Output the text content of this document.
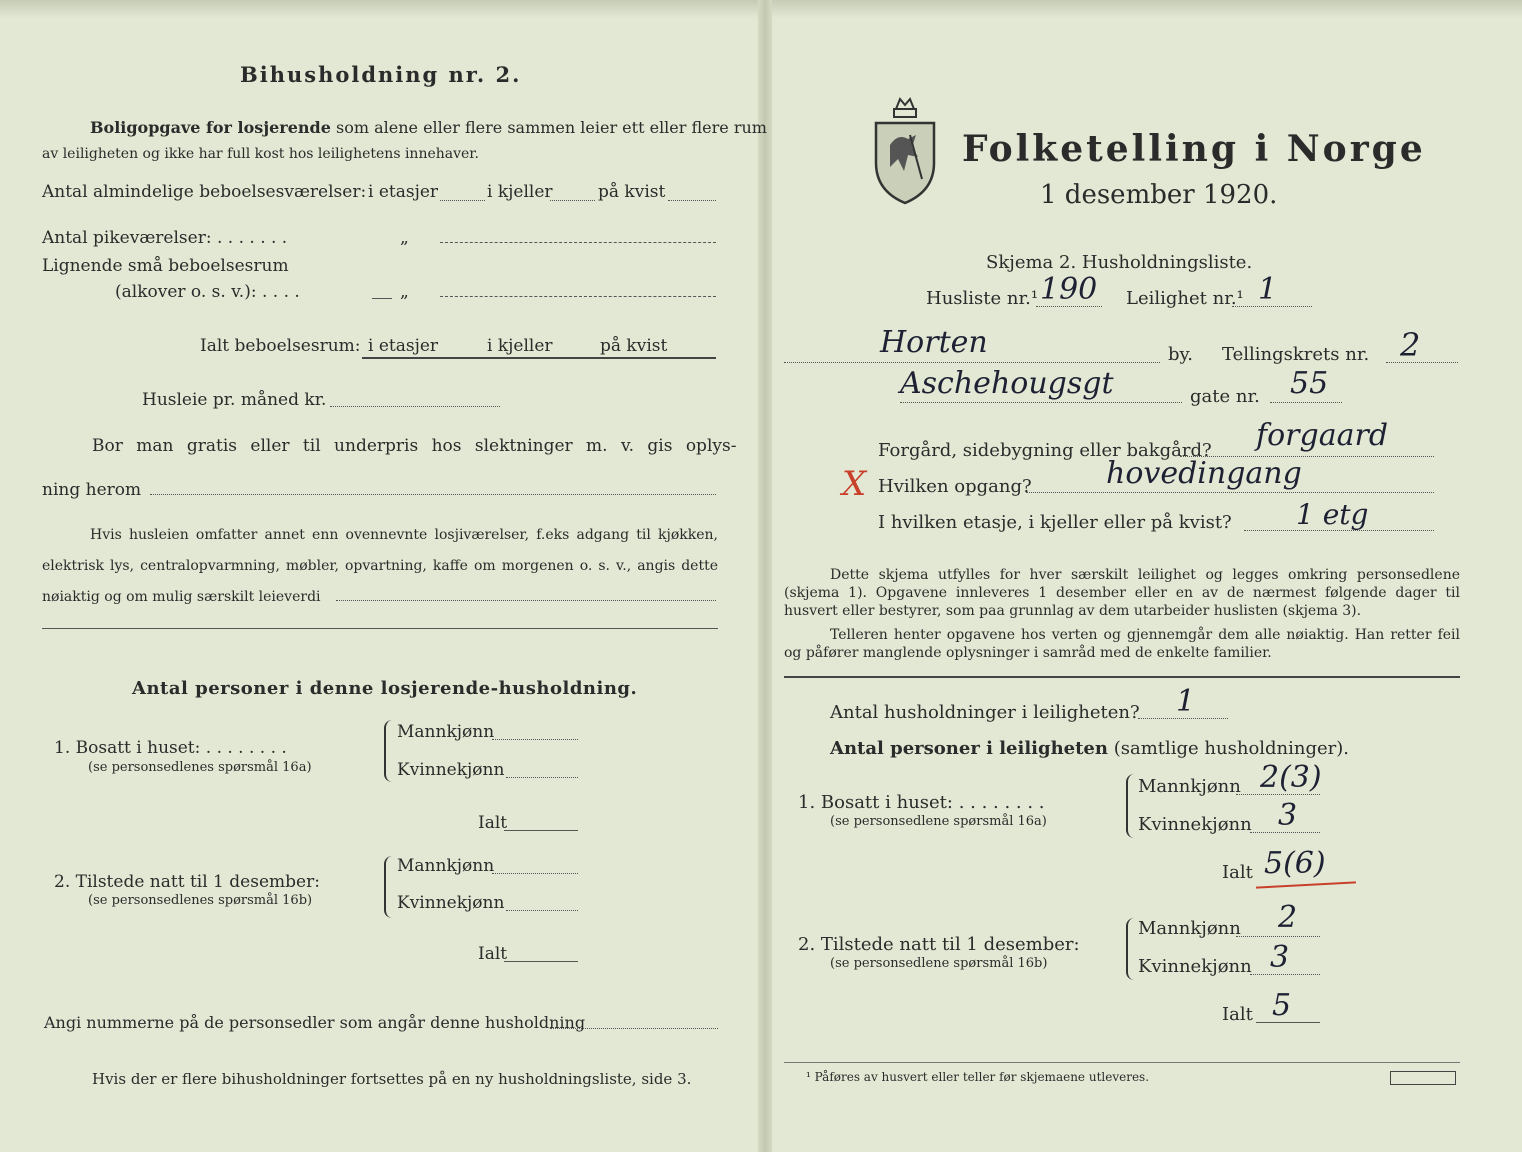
Bihusholdning nr. 2.
Boligopgave for losjerende som alene eller flere sammen leier ett eller flere rum
av leiligheten og ikke har full kost hos leilighetens innehaver.
Antal almindelige beboelsesværelser: i etasjer	i kjeller	på kvist
Antal pikeværelser: . . . . . . .	„
Lignende små beboelsesrum
(alkover o. s. v.): . . . .	„
Ialt beboelsesrum: i etasjer	i kjeller	på kvist
Husleie pr. måned kr.
Bor man gratis eller til underpris hos slektninger m. v. gis oplys-
ning herom
Hvis husleien omfatter annet enn ovennevnte losjiværelser, f.eks adgang til kjøkken, elektrisk lys, centralopvarmning, møbler, opvartning, kaffe om morgenen o. s. v., angis dette nøiaktig og om mulig særskilt leieverdi
Antal personer i denne losjerende-husholdning.
1. Bosatt i huset: . . . . . . . .
(se personsedlenes spørsmål 16a)
Mannkjønn
Kvinnekjønn
Ialt
2. Tilstede natt til 1 desember:
(se personsedlenes spørsmål 16b)
Mannkjønn
Kvinnekjønn
Ialt
Angi nummerne på de personsedler som angår denne husholdning
Hvis der er flere bihusholdninger fortsettes på en ny husholdningsliste, side 3.
Folketelling i Norge
1 desember 1920.
Skjema 2. Husholdningsliste.
Husliste nr.¹ 190 Leilighet nr.¹ 1
Horten	by. Tellingskrets nr. 2
Aschehougsgt	gate nr. 55
Forgård, sidebygning eller bakgård? forgaard
X Hvilken opgang? hovedingang
I hvilken etasje, i kjeller eller på kvist? 1 etg
Dette skjema utfylles for hver særskilt leilighet og legges omkring personsedlene (skjema 1). Opgavene innleveres 1 desember eller en av de nærmest følgende dager til husvert eller bestyrer, som paa grunnlag av dem utarbeider huslisten (skjema 3).
Telleren henter opgavene hos verten og gjennemgår dem alle nøiaktig. Han retter feil og påfører manglende oplysninger i samråd med de enkelte familier.
Antal husholdninger i leiligheten? 1
Antal personer i leiligheten (samtlige husholdninger).
1. Bosatt i huset: . . . . . . . .
(se personsedlene spørsmål 16a)
Mannkjønn 2(3)
Kvinnekjønn 3
Ialt 5(6)
2. Tilstede natt til 1 desember:
(se personsedlene spørsmål 16b)
Mannkjønn 2
Kvinnekjønn 3
Ialt 5
¹ Påføres av husvert eller teller før skjemaene utleveres.
